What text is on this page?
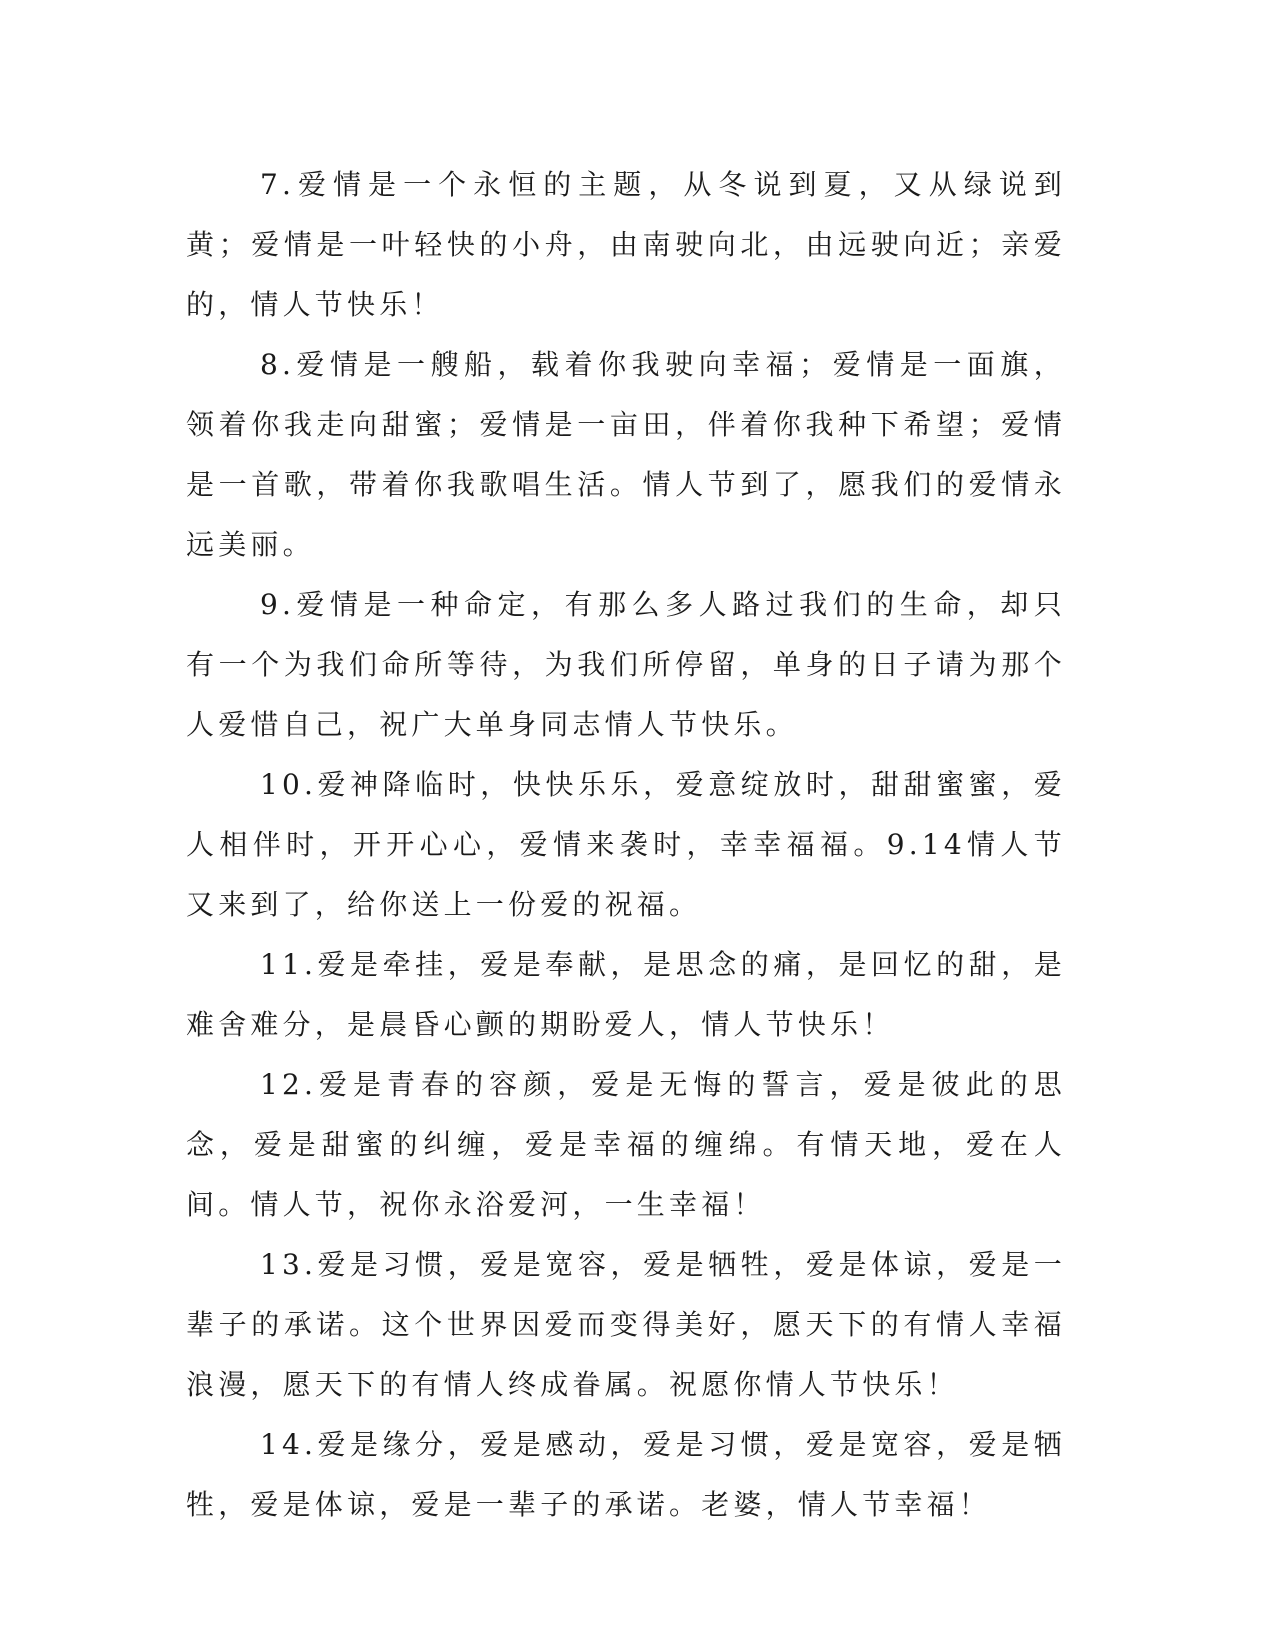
7.爱情是一个永恒的主题，从冬说到夏，又从绿说到黄；爱情是一叶轻快的小舟，由南驶向北，由远驶向近；亲爱的，情人节快乐！

8.爱情是一艘船，载着你我驶向幸福；爱情是一面旗，领着你我走向甜蜜；爱情是一亩田，伴着你我种下希望；爱情是一首歌，带着你我歌唱生活。情人节到了，愿我们的爱情永远美丽。

9.爱情是一种命定，有那么多人路过我们的生命，却只有一个为我们命所等待，为我们所停留，单身的日子请为那个人爱惜自己，祝广大单身同志情人节快乐。

10.爱神降临时，快快乐乐，爱意绽放时，甜甜蜜蜜，爱人相伴时，开开心心，爱情来袭时，幸幸福福。9.14情人节又来到了，给你送上一份爱的祝福。

11.爱是牵挂，爱是奉献，是思念的痛，是回忆的甜，是难舍难分，是晨昏心颤的期盼爱人，情人节快乐！

12.爱是青春的容颜，爱是无悔的誓言，爱是彼此的思念，爱是甜蜜的纠缠，爱是幸福的缠绵。有情天地，爱在人间。情人节，祝你永浴爱河，一生幸福！

13.爱是习惯，爱是宽容，爱是牺牲，爱是体谅，爱是一辈子的承诺。这个世界因爱而变得美好，愿天下的有情人幸福浪漫，愿天下的有情人终成眷属。祝愿你情人节快乐！

14.爱是缘分，爱是感动，爱是习惯，爱是宽容，爱是牺牲，爱是体谅，爱是一辈子的承诺。老婆，情人节幸福！
